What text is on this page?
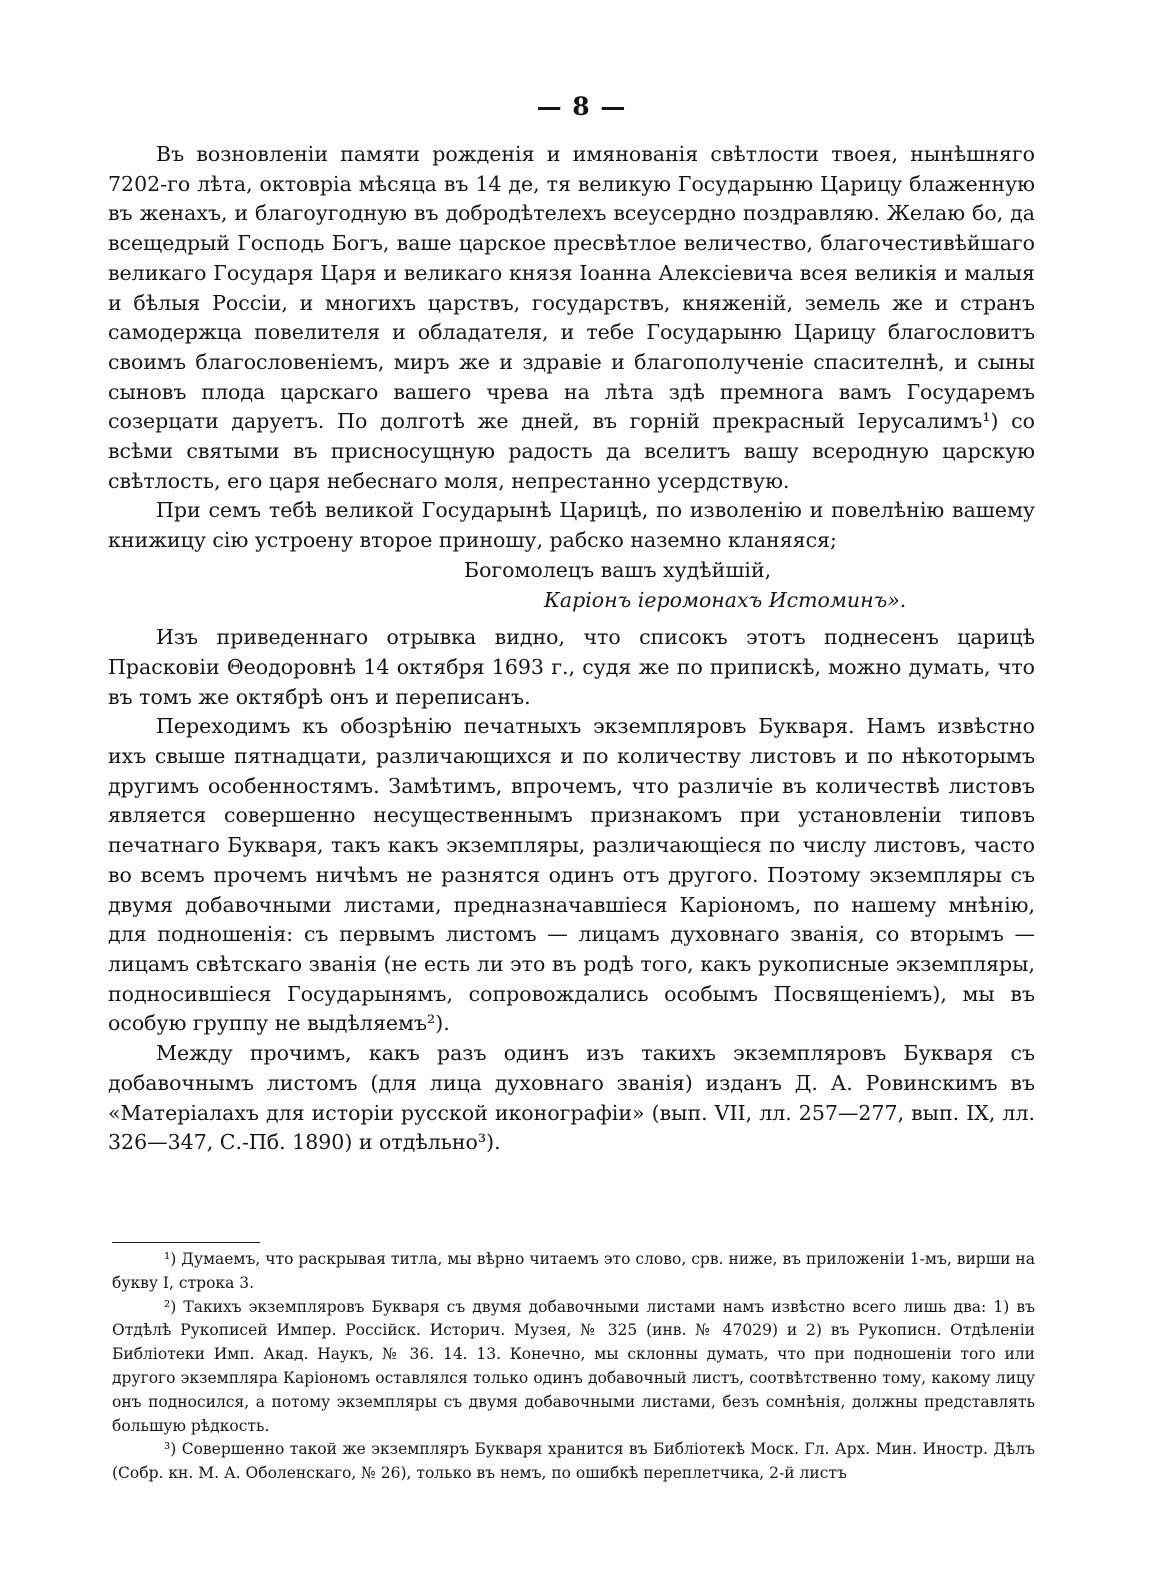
— 8 —

Въ возновленіи памяти рожденія и имянованія свѣтлости твоея, нынѣшняго 7202-го лѣта, октовріа мѣсяца въ 14 де, тя великую Государыню Царицу блаженную въ женахъ, и благоугодную въ добродѣтелехъ всеусердно поздравляю. Желаю бо, да всещедрый Господь Богъ, ваше царское пресвѣтлое величество, благочестивѣйшаго великаго Государя Царя и великаго князя Іоанна Алексіевича всея великія и малыя и бѣлыя Россіи, и многихъ царствъ, государствъ, княженій, земель же и странъ самодержца повелителя и обладателя, и тебе Государыню Царицу благословитъ своимъ благословеніемъ, миръ же и здравіе и благополученіе спасителнѣ, и сыны сыновъ плода царскаго вашего чрева на лѣта здѣ премнога вамъ Государемъ созерцати даруетъ. По долготѣ же дней, въ горній прекрасный Іерусалимъ¹) со всѣми святыми въ присносущную радость да вселитъ вашу всеродную царскую свѣтлость, его царя небеснаго моля, непрестанно усердствую.

При семъ тебѣ великой Государынѣ Царицѣ, по изволенію и повелѣнію вашему книжицу сію устроену второе приношу, рабско наземно кланяяся;

Богомолецъ вашъ худѣйшій,

Каріонъ іеромонахъ Истоминъ».

Изъ приведеннаго отрывка видно, что списокъ этотъ поднесенъ царицѣ Прасковіи Θеодоровнѣ 14 октября 1693 г., судя же по припискѣ, можно думать, что въ томъ же октябрѣ онъ и переписанъ.

Переходимъ къ обозрѣнію печатныхъ экземпляровъ Букваря. Намъ извѣстно ихъ свыше пятнадцати, различающихся и по количеству листовъ и по нѣкоторымъ другимъ особенностямъ. Замѣтимъ, впрочемъ, что различіе въ количествѣ листовъ является совершенно несущественнымъ признакомъ при установленіи типовъ печатнаго Букваря, такъ какъ экземпляры, различающіеся по числу листовъ, часто во всемъ прочемъ ничѣмъ не разнятся одинъ отъ другого. Поэтому экземпляры съ двумя добавочными листами, предназначавшіеся Каріономъ, по нашему мнѣнію, для подношенія: съ первымъ листомъ — лицамъ духовнаго званія, со вторымъ — лицамъ свѣтскаго званія (не есть ли это въ родѣ того, какъ рукописные экземпляры, подносившіеся Государынямъ, сопровождались особымъ Посвященіемъ), мы въ особую группу не выдѣляемъ²).

Между прочимъ, какъ разъ одинъ изъ такихъ экземпляровъ Букваря съ добавочнымъ листомъ (для лица духовнаго званія) изданъ Д. А. Ровинскимъ въ «Матеріалахъ для исторіи русской иконографіи» (вып. VII, лл. 257—277, вып. IX, лл. 326—347, С.-Пб. 1890) и отдѣльно³).

¹) Думаемъ, что раскрывая титла, мы вѣрно читаемъ это слово, срв. ниже, въ приложеніи 1-мъ, вирши на букву І, строка 3.

²) Такихъ экземпляровъ Букваря съ двумя добавочными листами намъ извѣстно всего лишь два: 1) въ Отдѣлѣ Рукописей Импер. Россійск. Историч. Музея, № 325 (инв. № 47029) и 2) въ Рукописн. Отдѣленіи Библіотеки Имп. Акад. Наукъ, № 36. 14. 13. Конечно, мы склонны думать, что при подношеніи того или другого экземпляра Каріономъ оставлялся только одинъ добавочный листъ, соотвѣтственно тому, какому лицу онъ подносился, а потому экземпляры съ двумя добавочными листами, безъ сомнѣнія, должны представлять большую рѣдкость.

³) Совершенно такой же экземпляръ Букваря хранится въ Библіотекѣ Моск. Гл. Арх. Мин. Иностр. Дѣлъ (Собр. кн. М. А. Оболенскаго, № 26), только въ немъ, по ошибкѣ переплетчика, 2-й листъ
